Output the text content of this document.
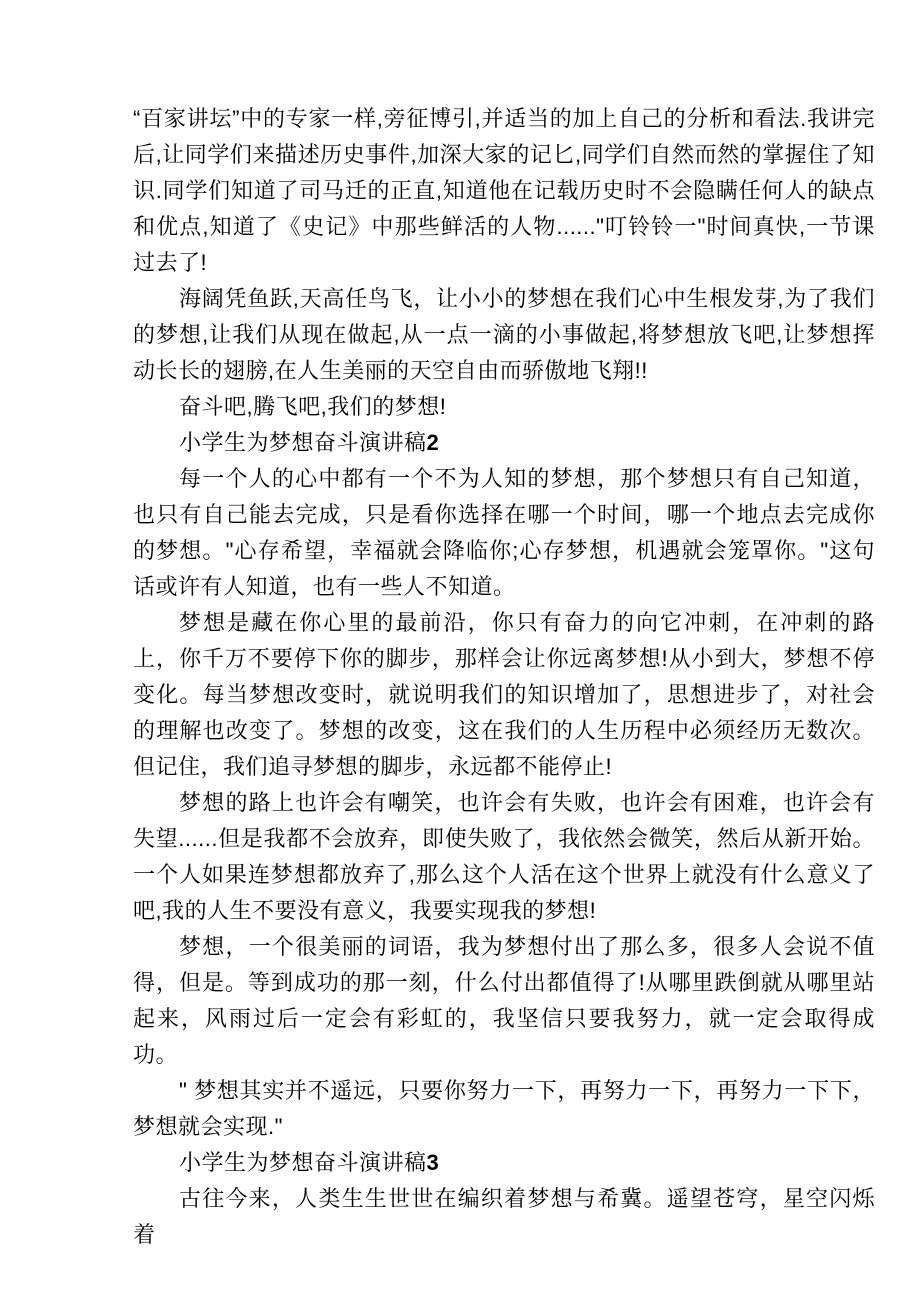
“百家讲坛”中的专家一样,旁征博引,并适当的加上自己的分析和看法.我讲完后,让同学们来描述历史事件,加深大家的记匕,同学们自然而然的掌握住了知识.同学们知道了司马迁的正直,知道他在记载历史时不会隐瞒任何人的缺点和优点,知道了《史记》中那些鲜活的人物......"叮铃铃一"时间真快,一节课过去了!

海阔凭鱼跃,天高任鸟飞，让小小的梦想在我们心中生根发芽,为了我们的梦想,让我们从现在做起,从一点一滴的小事做起,将梦想放飞吧,让梦想挥动长长的翅膀,在人生美丽的天空自由而骄傲地飞翔!!

奋斗吧,腾飞吧,我们的梦想!

小学生为梦想奋斗演讲稿2

每一个人的心中都有一个不为人知的梦想，那个梦想只有自己知道，也只有自己能去完成，只是看你选择在哪一个时间，哪一个地点去完成你的梦想。"心存希望，幸福就会降临你;心存梦想，机遇就会笼罩你。"这句话或许有人知道，也有一些人不知道。

梦想是藏在你心里的最前沿，你只有奋力的向它冲刺，在冲刺的路上，你千万不要停下你的脚步，那样会让你远离梦想!从小到大，梦想不停变化。每当梦想改变时，就说明我们的知识增加了，思想进步了，对社会的理解也改变了。梦想的改变，这在我们的人生历程中必须经历无数次。但记住，我们追寻梦想的脚步，永远都不能停止!

梦想的路上也许会有嘲笑，也许会有失败，也许会有困难，也许会有失望......但是我都不会放弃，即使失败了，我依然会微笑，然后从新开始。一个人如果连梦想都放弃了,那么这个人活在这个世界上就没有什么意义了吧,我的人生不要没有意义，我要实现我的梦想!

梦想，一个很美丽的词语，我为梦想付出了那么多，很多人会说不值得，但是。等到成功的那一刻，什么付出都值得了!从哪里跌倒就从哪里站起来，风雨过后一定会有彩虹的，我坚信只要我努力，就一定会取得成功。

" 梦想其实并不遥远，只要你努力一下，再努力一下，再努力一下下，梦想就会实现."

小学生为梦想奋斗演讲稿3

古往今来，人类生生世世在编织着梦想与希冀。遥望苍穹，星空闪烁着
